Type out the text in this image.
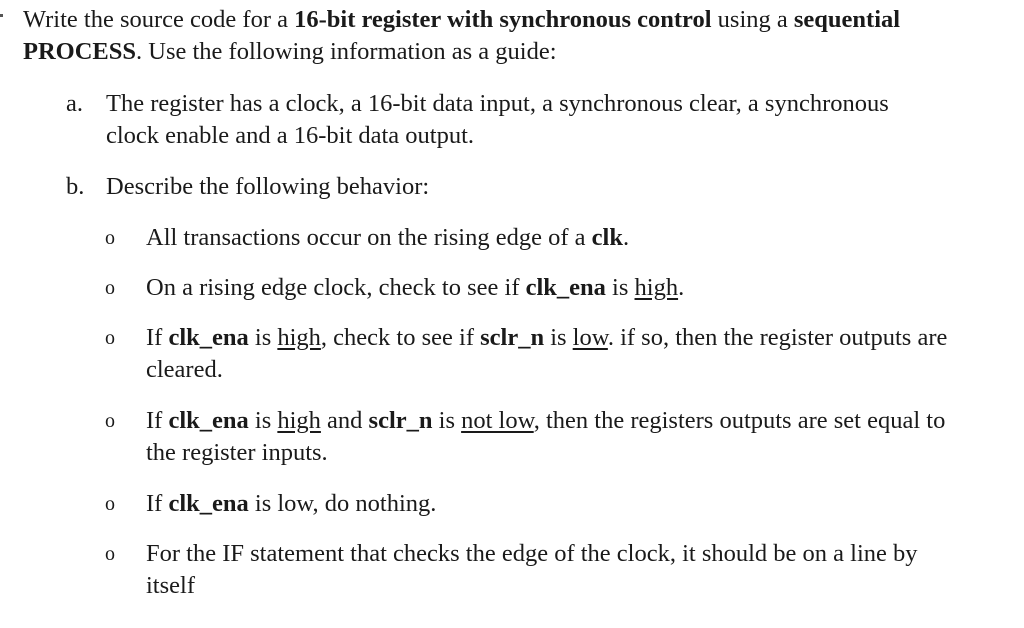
Write the source code for a 16-bit register with synchronous control using a sequential PROCESS. Use the following information as a guide:

a. The register has a clock, a 16-bit data input, a synchronous clear, a synchronous clock enable and a 16-bit data output.
b. Describe the following behavior:
o All transactions occur on the rising edge of a clk.
o On a rising edge clock, check to see if clk_ena is high.
o If clk_ena is high, check to see if sclr_n is low. if so, then the register outputs are cleared.
o If clk_ena is high and sclr_n is not low, then the registers outputs are set equal to the register inputs.
o If clk_ena is low, do nothing.
o For the IF statement that checks the edge of the clock, it should be on a line by itself
